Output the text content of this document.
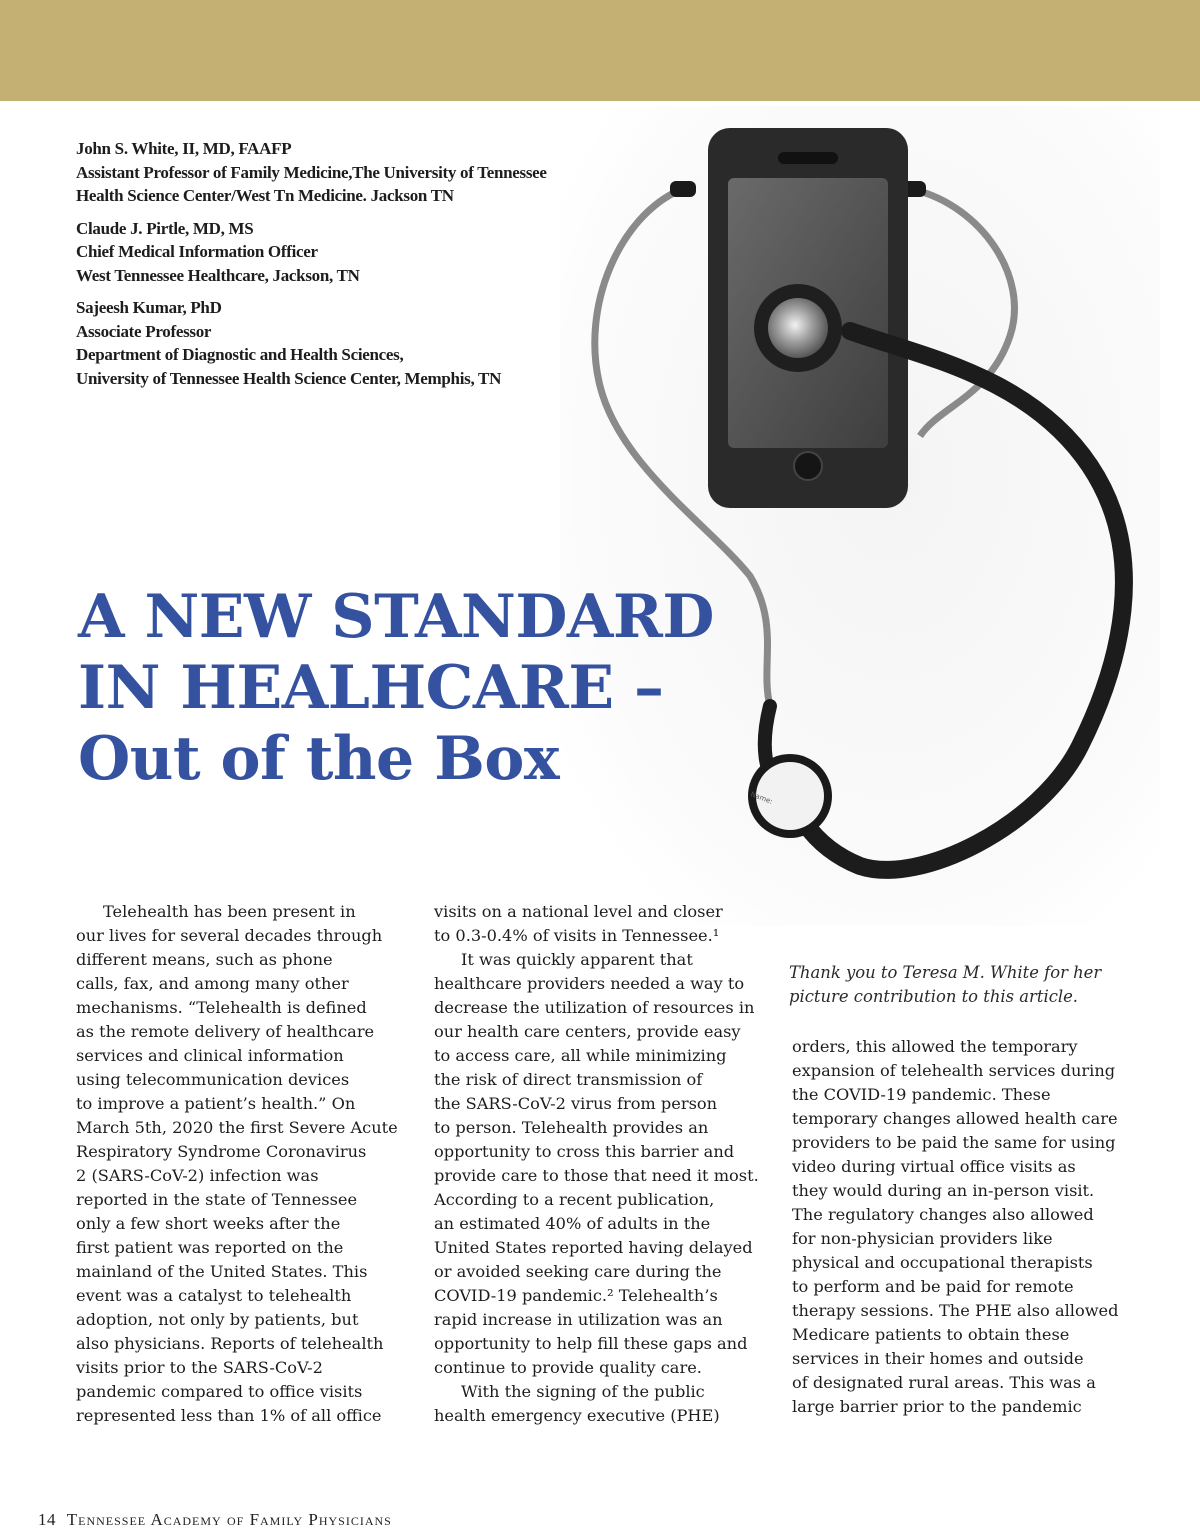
John S. White, II, MD, FAAFP
Assistant Professor of Family Medicine,The University of Tennessee
Health Science Center/West Tn Medicine. Jackson TN
Claude J. Pirtle, MD, MS
Chief Medical Information Officer
West Tennessee Healthcare, Jackson, TN
Sajeesh Kumar, PhD
Associate Professor
Department of Diagnostic and Health Sciences,
University of Tennessee Health Science Center, Memphis, TN
Name:
A NEW STANDARD
IN HEALHCARE –
Out of the Box
Thank you to Teresa M. White for her
picture contribution to this article.
Telehealth has been present in
our lives for several decades through
different means, such as phone
calls, fax, and among many other
mechanisms. “Telehealth is defined
as the remote delivery of healthcare
services and clinical information
using telecommunication devices
to improve a patient’s health.” On
March 5th, 2020 the first Severe Acute
Respiratory Syndrome Coronavirus
2 (SARS-CoV-2) infection was
reported in the state of Tennessee
only a few short weeks after the
first patient was reported on the
mainland of the United States. This
event was a catalyst to telehealth
adoption, not only by patients, but
also physicians. Reports of telehealth
visits prior to the SARS-CoV-2
pandemic compared to office visits
represented less than 1% of all office
visits on a national level and closer
to 0.3-0.4% of visits in Tennessee.¹
It was quickly apparent that
healthcare providers needed a way to
decrease the utilization of resources in
our health care centers, provide easy
to access care, all while minimizing
the risk of direct transmission of
the SARS-CoV-2 virus from person
to person. Telehealth provides an
opportunity to cross this barrier and
provide care to those that need it most.
According to a recent publication,
an estimated 40% of adults in the
United States reported having delayed
or avoided seeking care during the
COVID-19 pandemic.² Telehealth’s
rapid increase in utilization was an
opportunity to help fill these gaps and
continue to provide quality care.
With the signing of the public
health emergency executive (PHE)
orders, this allowed the temporary
expansion of telehealth services during
the COVID-19 pandemic. These
temporary changes allowed health care
providers to be paid the same for using
video during virtual office visits as
they would during an in-person visit.
The regulatory changes also allowed
for non-physician providers like
physical and occupational therapists
to perform and be paid for remote
therapy sessions. The PHE also allowed
Medicare patients to obtain these
services in their homes and outside
of designated rural areas. This was a
large barrier prior to the pandemic
14 Tennessee Academy of Family Physicians
